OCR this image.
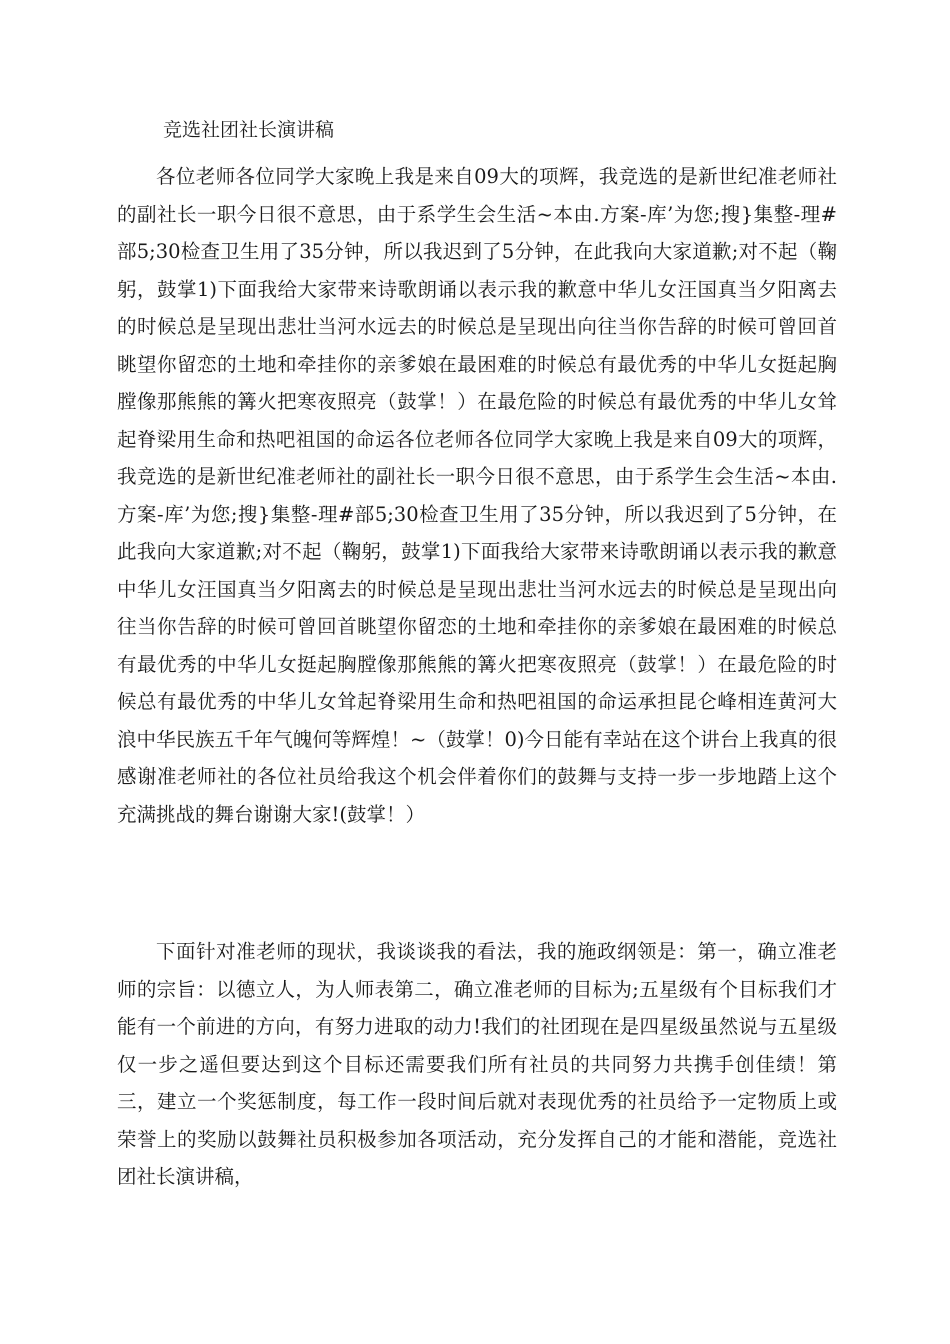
竞选社团社长演讲稿

各位老师各位同学大家晚上我是来自09大的项辉，我竞选的是新世纪准老师社的副社长一职今日很不意思，由于系学生会生活~本由.方案-库’为您;搜}集整-理#部5;30检查卫生用了35分钟，所以我迟到了5分钟，在此我向大家道歉;对不起（鞠躬，鼓掌1)下面我给大家带来诗歌朗诵以表示我的歉意中华儿女汪国真当夕阳离去的时候总是呈现出悲壮当河水远去的时候总是呈现出向往当你告辞的时候可曾回首眺望你留恋的土地和牵挂你的亲爹娘在最困难的时候总有最优秀的中华儿女挺起胸膛像那熊熊的篝火把寒夜照亮（鼓掌！）在最危险的时候总有最优秀的中华儿女耸起脊梁用生命和热吧祖国的命运各位老师各位同学大家晚上我是来自09大的项辉，我竞选的是新世纪准老师社的副社长一职今日很不意思，由于系学生会生活~本由.方案-库’为您;搜}集整-理#部5;30检查卫生用了35分钟，所以我迟到了5分钟，在此我向大家道歉;对不起（鞠躬，鼓掌1)下面我给大家带来诗歌朗诵以表示我的歉意中华儿女汪国真当夕阳离去的时候总是呈现出悲壮当河水远去的时候总是呈现出向往当你告辞的时候可曾回首眺望你留恋的土地和牵挂你的亲爹娘在最困难的时候总有最优秀的中华儿女挺起胸膛像那熊熊的篝火把寒夜照亮（鼓掌！）在最危险的时候总有最优秀的中华儿女耸起脊梁用生命和热吧祖国的命运承担昆仑峰相连黄河大浪中华民族五千年气魄何等辉煌！~（鼓掌！0)今日能有幸站在这个讲台上我真的很感谢准老师社的各位社员给我这个机会伴着你们的鼓舞与支持一步一步地踏上这个充满挑战的舞台谢谢大家!(鼓掌！）

下面针对准老师的现状，我谈谈我的看法，我的施政纲领是：第一，确立准老师的宗旨：以德立人，为人师表第二，确立准老师的目标为;五星级有个目标我们才能有一个前进的方向，有努力进取的动力!我们的社团现在是四星级虽然说与五星级仅一步之遥但要达到这个目标还需要我们所有社员的共同努力共携手创佳绩！第三，建立一个奖惩制度，每工作一段时间后就对表现优秀的社员给予一定物质上或荣誉上的奖励以鼓舞社员积极参加各项活动，充分发挥自己的才能和潜能，竞选社团社长演讲稿，
